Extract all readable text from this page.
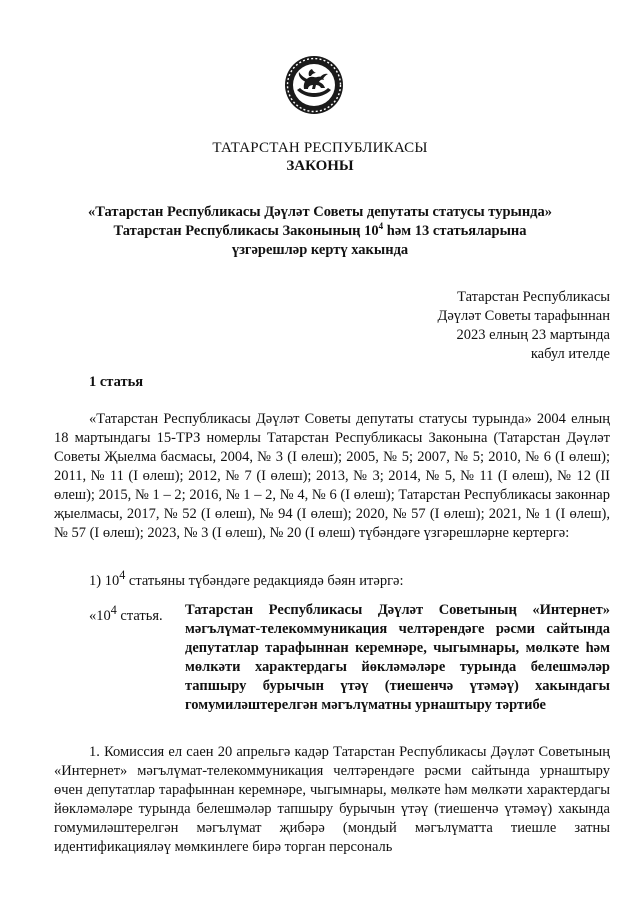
ТАТАРСТАН РЕСПУБЛИКАСЫ
ЗАКОНЫ
«Татарстан Республикасы Дәүләт Советы депутаты статусы турында»
Татарстан Республикасы Законының $10^4$ һәм 13 статьяларына
үзгәрешләр кертү хакында
Татарстан Республикасы
Дәүләт Советы тарафыннан
2023 елның 23 мартында
кабул ителде
1 статья
«Татарстан Республикасы Дәүләт Советы депутаты статусы турында» 2004 елның 18 мартындагы 15-ТРЗ номерлы Татарстан Республикасы Законына (Татарстан Дәүләт Советы Җыелма басмасы, 2004, № 3 (I өлеш); 2005, № 5; 2007, № 5; 2010, № 6 (I өлеш); 2011, № 11 (I өлеш); 2012, № 7 (I өлеш); 2013, № 3; 2014, № 5, № 11 (I өлеш), № 12 (II өлеш); 2015, № 1 – 2; 2016, № 1 – 2, № 4, № 6 (I өлеш); Татарстан Республикасы законнар җыелмасы, 2017, № 52 (I өлеш), № 94 (I өлеш); 2020, № 57 (I өлеш); 2021, № 1 (I өлеш), № 57 (I өлеш); 2023, № 3 (I өлеш), № 20 (I өлеш) түбәндәге үзгәрешләрне кертергә:
1) $10^4$ статьяны түбәндәге редакциядә бәян итәргә:
«$10^4$ статья. Татарстан Республикасы Дәүләт Советының «Интернет» мәгълүмат-телекоммуникация челтәрендәге рәсми сайтында депутатлар тарафыннан керемнәре, чыгымнары, мөлкәте һәм мөлкәти характердагы йөкләмәләре турында белешмәләр тапшыру бурычын үтәү (тиешенчә үтәмәү) хакындагы гомумиләштерелгән мәгълүматны урнаштыру тәртибе
1. Комиссия ел саен 20 апрельгә кадәр Татарстан Республикасы Дәүләт Советының «Интернет» мәгълүмат-телекоммуникация челтәрендәге рәсми сайтында урнаштыру өчен депутатлар тарафыннан керемнәре, чыгымнары, мөлкәте һәм мөлкәти характердагы йөкләмәләре турында белешмәләр тапшыру бурычын үтәү (тиешенчә үтәмәү) хакында гомумиләштерелгән мәгълүмат җибәрә (мондый мәгълүматта тиешле затны идентификацияләү мөмкинлеге бирә торган персональ
